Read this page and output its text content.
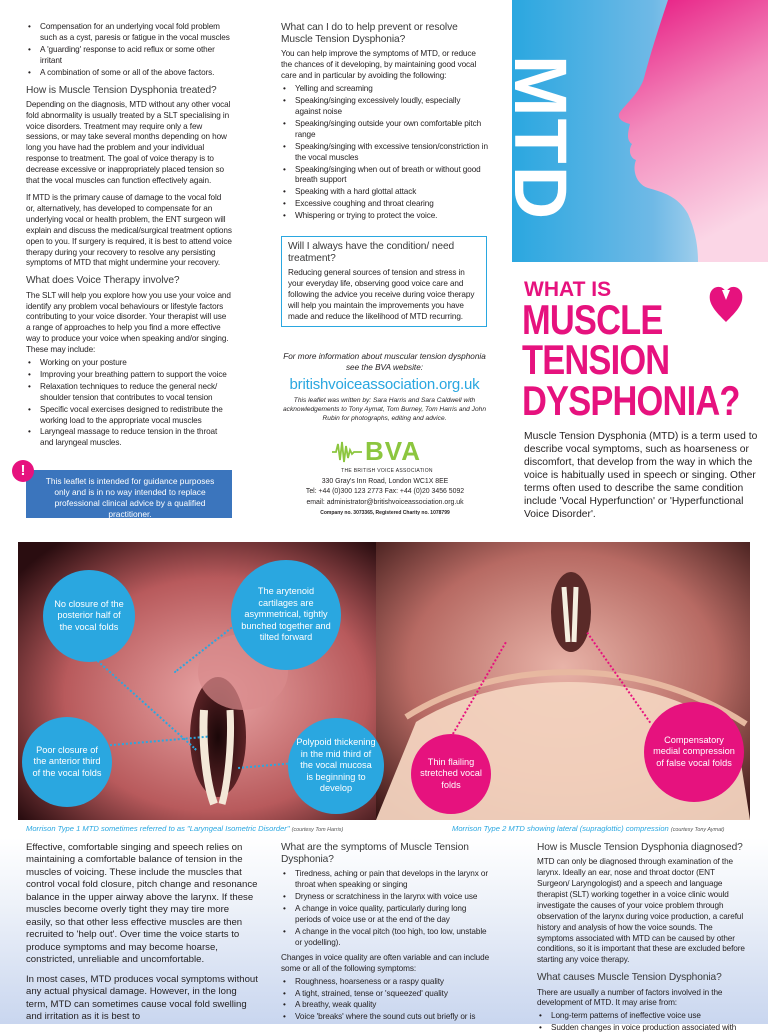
• Compensation for an underlying vocal fold problem such as a cyst, paresis or fatigue in the vocal muscles
• A 'guarding' response to acid reflux or some other irritant
• A combination of some or all of the above factors.
How is Muscle Tension Dysphonia treated?

Depending on the diagnosis, MTD without any other vocal fold abnormality is usually treated by a SLT specialising in voice disorders. Treatment may require only a few sessions, or may take several months depending on how long you have had the problem and your individual response to treatment. The goal of voice therapy is to decrease excessive or inappropriately placed tension so that the vocal muscles can function effectively again.

If MTD is the primary cause of damage to the vocal fold or, alternatively, has developed to compensate for an underlying vocal or health problem, the ENT surgeon will explain and discuss the medical/surgical treatment options open to you. If surgery is required, it is best to attend voice therapy during your recovery to resolve any persisting symptoms of MTD that might undermine your recovery.

What does Voice Therapy involve?

The SLT will help you explore how you use your voice and identify any problem vocal behaviours or lifestyle factors contributing to your voice disorder. Your therapist will use a range of approaches to help you find a more effective way to produce your voice when speaking and/or singing. These may include:

• Working on your posture
• Improving your breathing pattern to support the voice
• Relaxation techniques to reduce the general neck/ shoulder tension that contributes to vocal tension
• Specific vocal exercises designed to redistribute the working load to the appropriate vocal muscles
• Laryngeal massage to reduce tension in the throat and laryngeal muscles.
This leaflet is intended for guidance purposes only and is in no way intended to replace professional clinical advice by a qualified practitioner.
!
What can I do to help prevent or resolve Muscle Tension Dysphonia?

You can help improve the symptoms of MTD, or reduce the chances of it developing, by maintaining good vocal care and in particular by avoiding the following:

• Yelling and screaming
• Speaking/singing excessively loudly, especially against noise
• Speaking/singing outside your own comfortable pitch range
• Speaking/singing with excessive tension/constriction in the vocal muscles
• Speaking/singing when out of breath or without good breath support
• Speaking with a hard glottal attack
• Excessive coughing and throat clearing
• Whispering or trying to protect the voice.
Will I always have the condition/ need treatment?

Reducing general sources of tension and stress in your everyday life, observing good voice care and following the advice you receive during voice therapy will help you maintain the improvements you have made and reduce the likelihood of MTD recurring.

For more information about muscular tension dysphonia see the BVA website:

britishvoiceassociation.org.uk

This leaflet was written by: Sara Harris and Sara Caldwell with acknowledgements to Tony Aymat, Tom Burney, Tom Harris and John Rubin for photographs, editing and advice.

BVA
THE BRITISH VOICE ASSOCIATION

330 Gray's Inn Road, London WC1X 8EE

Tel: +44 (0)300 123 2773 Fax: +44 (0)20 3456 5092

email: administrator@britishvoiceassociation.org.uk

Company no. 3073365, Registered Charity no. 1078799

MTD
WHAT IS
MUSCLE
TENSION
DYSPHONIA?

Muscle Tension Dysphonia (MTD) is a term used to describe vocal symptoms, such as hoarseness or discomfort, that develop from the way in which the voice is habitually used in speech or singing. Other terms often used to describe the same condition include 'Vocal Hyperfunction' or 'Hyperfunctional Voice Disorder'.

No closure of the posterior half of the vocal folds
The arytenoid cartilages are asymmetrical, tightly bunched together and tilted forward
Poor closure of the anterior third of the vocal folds
Polypoid thickening in the mid third of the vocal mucosa is beginning to develop
Thin flailing stretched vocal folds
Compensatory medial compression of false vocal folds
Morrison Type 1 MTD sometimes referred to as "Laryngeal Isometric Disorder" (courtesy Tom Harris)	Morrison Type 2 MTD showing lateral (supraglottic) compression (courtesy Tony Aymat)

Effective, comfortable singing and speech relies on maintaining a comfortable balance of tension in the muscles of voicing. These include the muscles that control vocal fold closure, pitch change and resonance balance in the upper airway above the larynx. If these muscles become overly tight they may tire more easily, so that other less effective muscles are then recruited to 'help out'. Over time the voice starts to produce symptoms and may become hoarse, constricted, unreliable and uncomfortable.

In most cases, MTD produces vocal symptoms without any actual physical damage. However, in the long term, MTD can sometimes cause vocal fold swelling and irritation as it is best to

What are the symptoms of Muscle Tension Dysphonia?
• Tiredness, aching or pain that develops in the larynx or throat when speaking or singing
• Dryness or scratchiness in the larynx with voice use
• A change in voice quality, particularly during long periods of voice use or at the end of the day
• A change in the vocal pitch (too high, too low, unstable or yodelling).

Changes in voice quality are often variable and can include some or all of the following symptoms:

• Roughness, hoarseness or a raspy quality
• A tight, strained, tense or 'squeezed' quality
• A breathy, weak quality
• Voice 'breaks' where the sound cuts out briefly or is
How is Muscle Tension Dysphonia diagnosed?

MTD can only be diagnosed through examination of the larynx. Ideally an ear, nose and throat doctor (ENT Surgeon/ Laryngologist) and a speech and language therapist (SLT) working together in a voice clinic would investigate the causes of your voice problem through observation of the larynx during voice production, a careful history and analysis of how the voice sounds. The symptoms associated with MTD can be caused by other conditions, so it is important that these are excluded before starting any voice therapy.

What causes Muscle Tension Dysphonia?

There are usually a number of factors involved in the development of MTD. It may arise from:

• Long-term patterns of ineffective voice use
• Sudden changes in voice production associated with
